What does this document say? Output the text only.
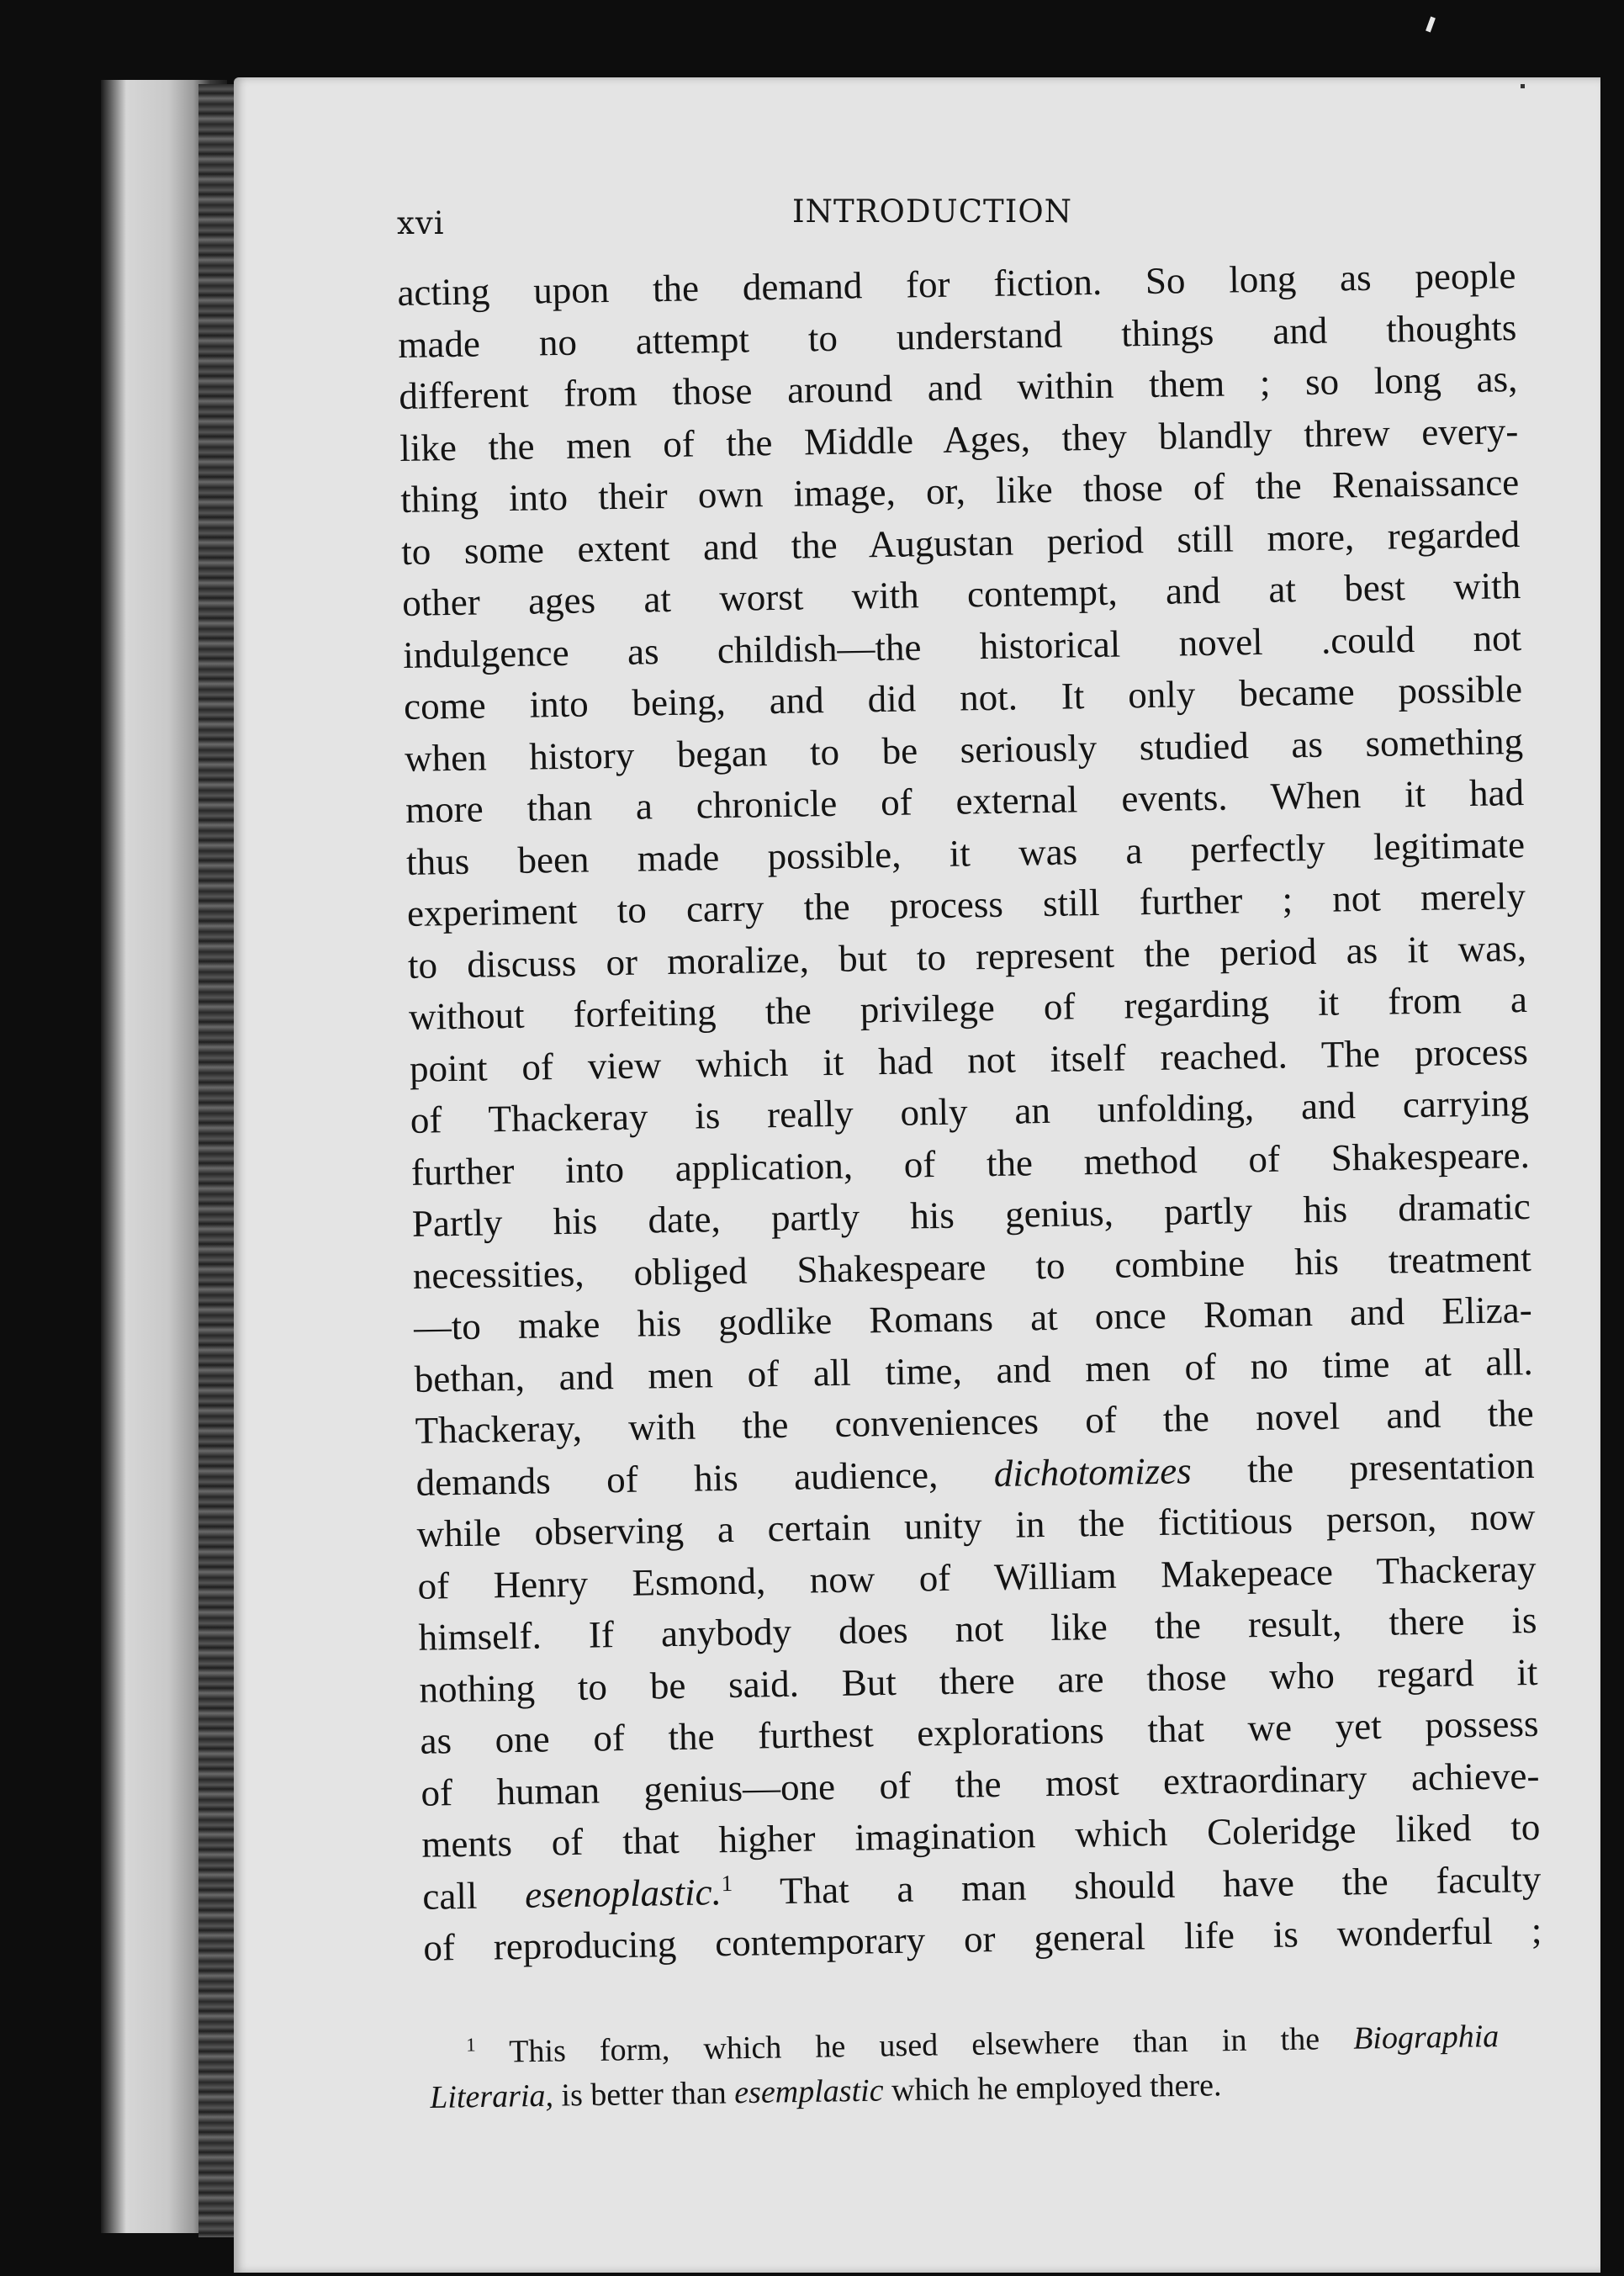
xvi	INTRODUCTION
acting upon the demand for fiction. So long as people
made no attempt to understand things and thoughts
different from those around and within them ; so long as,
like the men of the Middle Ages, they blandly threw every-
thing into their own image, or, like those of the Renaissance
to some extent and the Augustan period still more, regarded
other ages at worst with contempt, and at best with
indulgence as childish—the historical novel .could not
come into being, and did not. It only became possible
when history began to be seriously studied as something
more than a chronicle of external events. When it had
thus been made possible, it was a perfectly legitimate
experiment to carry the process still further ; not merely
to discuss or moralize, but to represent the period as it was,
without forfeiting the privilege of regarding it from a
point of view which it had not itself reached. The process
of Thackeray is really only an unfolding, and carrying
further into application, of the method of Shakespeare.
Partly his date, partly his genius, partly his dramatic
necessities, obliged Shakespeare to combine his treatment
—to make his godlike Romans at once Roman and Eliza-
bethan, and men of all time, and men of no time at all.
Thackeray, with the conveniences of the novel and the
demands of his audience, dichotomizes the presentation
while observing a certain unity in the fictitious person, now
of Henry Esmond, now of William Makepeace Thackeray
himself. If anybody does not like the result, there is
nothing to be said. But there are those who regard it
as one of the furthest explorations that we yet possess
of human genius—one of the most extraordinary achieve-
ments of that higher imagination which Coleridge liked to
call esenoplastic.$^1$ That a man should have the faculty
of reproducing contemporary or general life is wonderful ;
$^1$ This form, which he used elsewhere than in the Biographia
Literaria, is better than esemplastic which he employed there.
